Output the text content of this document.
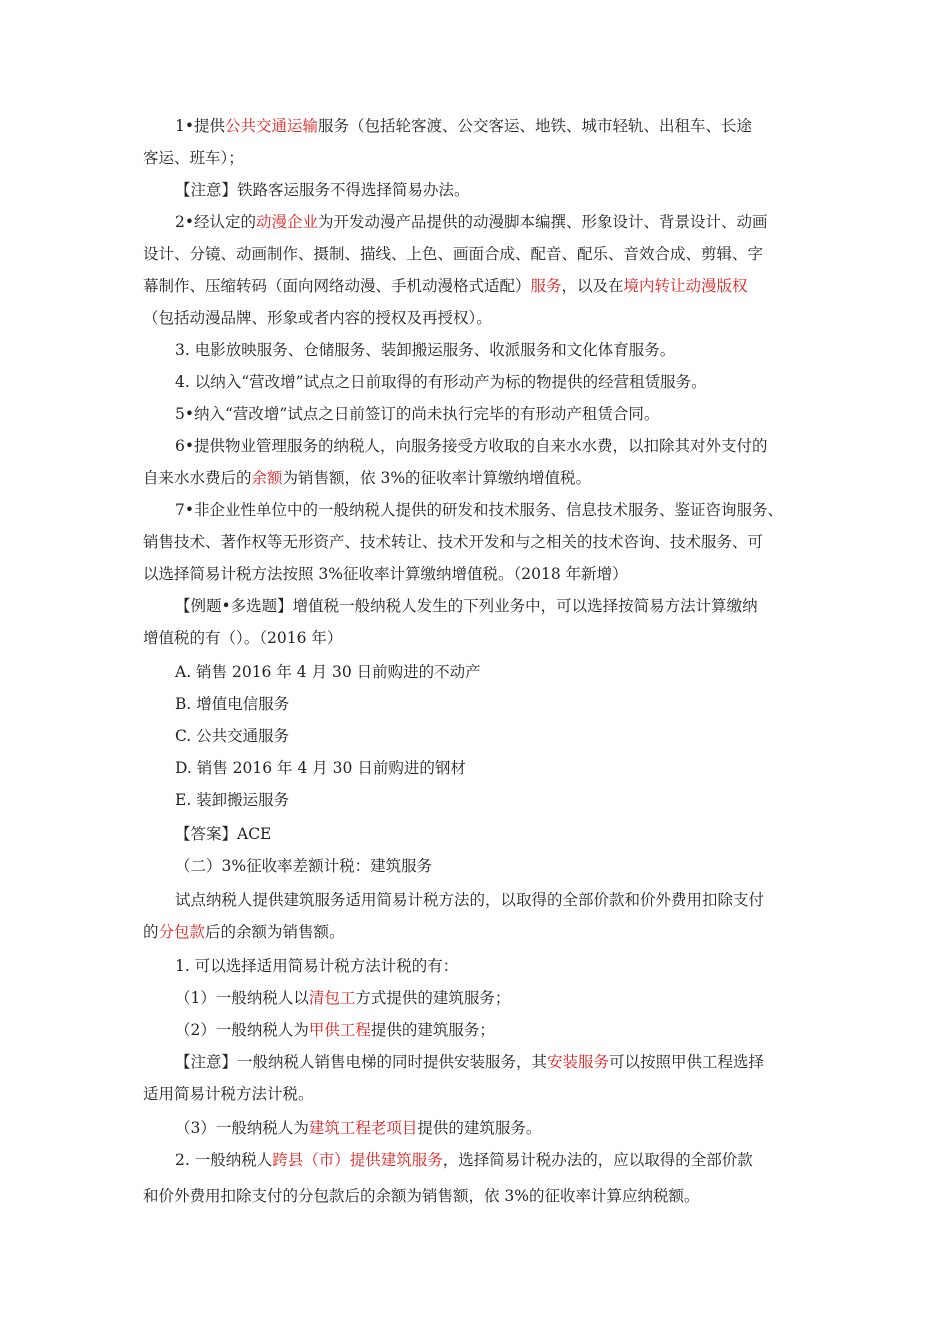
1•提供公共交通运输服务（包括轮客渡、公交客运、地铁、城市轻轨、出租车、长途
客运、班车）；
【注意】铁路客运服务不得选择简易办法。
2•经认定的动漫企业为开发动漫产品提供的动漫脚本编撰、形象设计、背景设计、动画
设计、分镜、动画制作、摄制、描线、上色、画面合成、配音、配乐、音效合成、剪辑、字
幕制作、压缩转码（面向网络动漫、手机动漫格式适配）服务，以及在境内转让动漫版权
（包括动漫品牌、形象或者内容的授权及再授权）。
3. 电影放映服务、仓储服务、装卸搬运服务、收派服务和文化体育服务。
4. 以纳入“营改增”试点之日前取得的有形动产为标的物提供的经营租赁服务。
5•纳入“营改增”试点之日前签订的尚未执行完毕的有形动产租赁合同。
6•提供物业管理服务的纳税人，向服务接受方收取的自来水水费，以扣除其对外支付的
自来水水费后的余额为销售额，依 3%的征收率计算缴纳增值税。
7•非企业性单位中的一般纳税人提供的研发和技术服务、信息技术服务、鉴证咨询服务、
销售技术、著作权等无形资产、技术转让、技术开发和与之相关的技术咨询、技术服务、可
以选择简易计税方法按照 3%征收率计算缴纳增值税。（2018 年新增）
【例题•多选题】增值税一般纳税人发生的下列业务中，可以选择按简易方法计算缴纳
增值税的有（）。（2016 年）
A. 销售 2016 年 4 月 30 日前购进的不动产
B. 增值电信服务
C. 公共交通服务
D. 销售 2016 年 4 月 30 日前购进的钢材
E. 装卸搬运服务
【答案】ACE
（二）3%征收率差额计税：建筑服务
试点纳税人提供建筑服务适用简易计税方法的，以取得的全部价款和价外费用扣除支付
的分包款后的余额为销售额。
1. 可以选择适用简易计税方法计税的有：
（1）一般纳税人以清包工方式提供的建筑服务；
（2）一般纳税人为甲供工程提供的建筑服务；
【注意】一般纳税人销售电梯的同时提供安装服务，其安装服务可以按照甲供工程选择
适用简易计税方法计税。
（3）一般纳税人为建筑工程老项目提供的建筑服务。
2. 一般纳税人跨县（市）提供建筑服务，选择简易计税办法的，应以取得的全部价款
和价外费用扣除支付的分包款后的余额为销售额，依 3%的征收率计算应纳税额。
